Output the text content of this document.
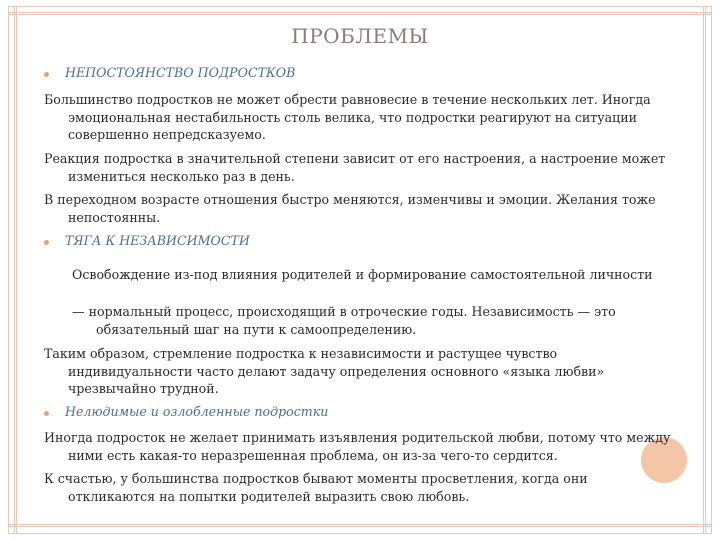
ПРОБЛЕМЫ
НЕПОСТОЯНСТВО ПОДРОСТКОВ
Большинство подростков не может обрести равновесие в течение нескольких лет. Иногда эмоциональная нестабильность столь велика, что подростки реагируют на ситуации совершенно непредсказуемо.
Реакция подростка в значительной степени зависит от его настроения, а настроение может измениться несколько раз в день.
В переходном возрасте отношения быстро меняются, изменчивы и эмоции. Желания тоже непостоянны.
ТЯГА К НЕЗАВИСИМОСТИ
Освобождение из-под влияния родителей и формирование самостоятельной личности
— нормальный процесс, происходящий в отроческие годы. Независимость — это обязательный шаг на пути к самоопределению.
Таким образом, стремление подростка к независимости и растущее чувство индивидуальности часто делают задачу определения основного «языка любви» чрезвычайно трудной.
Нелюдимые и озлобленные подростки
Иногда подросток не желает принимать изъявления родительской любви, потому что между ними есть какая-то неразрешенная проблема, он из-за чего-то сердится.
К счастью, у большинства подростков бывают моменты просветления, когда они откликаются на попытки родителей выразить свою любовь.
